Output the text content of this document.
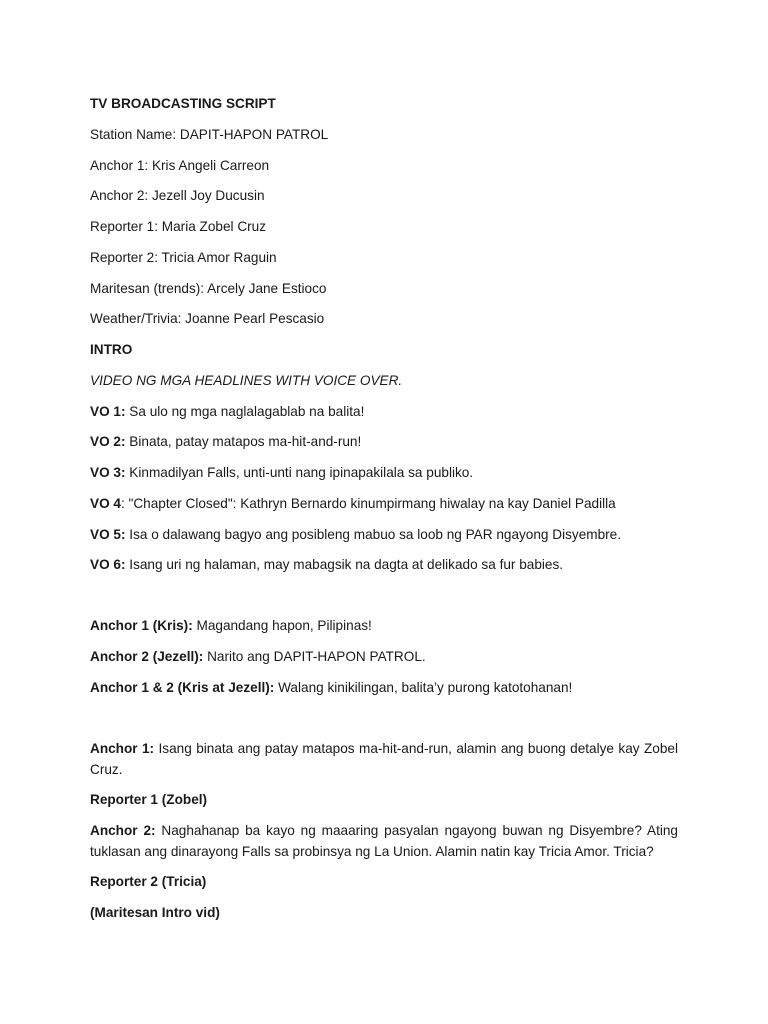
TV BROADCASTING SCRIPT
Station Name: DAPIT-HAPON PATROL
Anchor 1: Kris Angeli Carreon
Anchor 2: Jezell Joy Ducusin
Reporter 1: Maria Zobel Cruz
Reporter 2: Tricia Amor Raguin
Maritesan (trends): Arcely Jane Estioco
Weather/Trivia: Joanne Pearl Pescasio
INTRO
VIDEO NG MGA HEADLINES WITH VOICE OVER.
VO 1: Sa ulo ng mga naglalagablab na balita!
VO 2: Binata, patay matapos ma-hit-and-run!
VO 3: Kinmadilyan Falls, unti-unti nang ipinapakilala sa publiko.
VO 4: "Chapter Closed": Kathryn Bernardo kinumpirmang hiwalay na kay Daniel Padilla
VO 5: Isa o dalawang bagyo ang posibleng mabuo sa loob ng PAR ngayong Disyembre.
VO 6: Isang uri ng halaman, may mabagsik na dagta at delikado sa fur babies.
Anchor 1 (Kris): Magandang hapon, Pilipinas!
Anchor 2 (Jezell): Narito ang DAPIT-HAPON PATROL.
Anchor 1 & 2 (Kris at Jezell): Walang kinikilingan, balita’y purong katotohanan!
Anchor 1: Isang binata ang patay matapos ma-hit-and-run, alamin ang buong detalye kay Zobel Cruz.
Reporter 1 (Zobel)
Anchor 2: Naghahanap ba kayo ng maaaring pasyalan ngayong buwan ng Disyembre? Ating tuklasan ang dinarayong Falls sa probinsya ng La Union. Alamin natin kay Tricia Amor. Tricia?
Reporter 2 (Tricia)
(Maritesan Intro vid)
